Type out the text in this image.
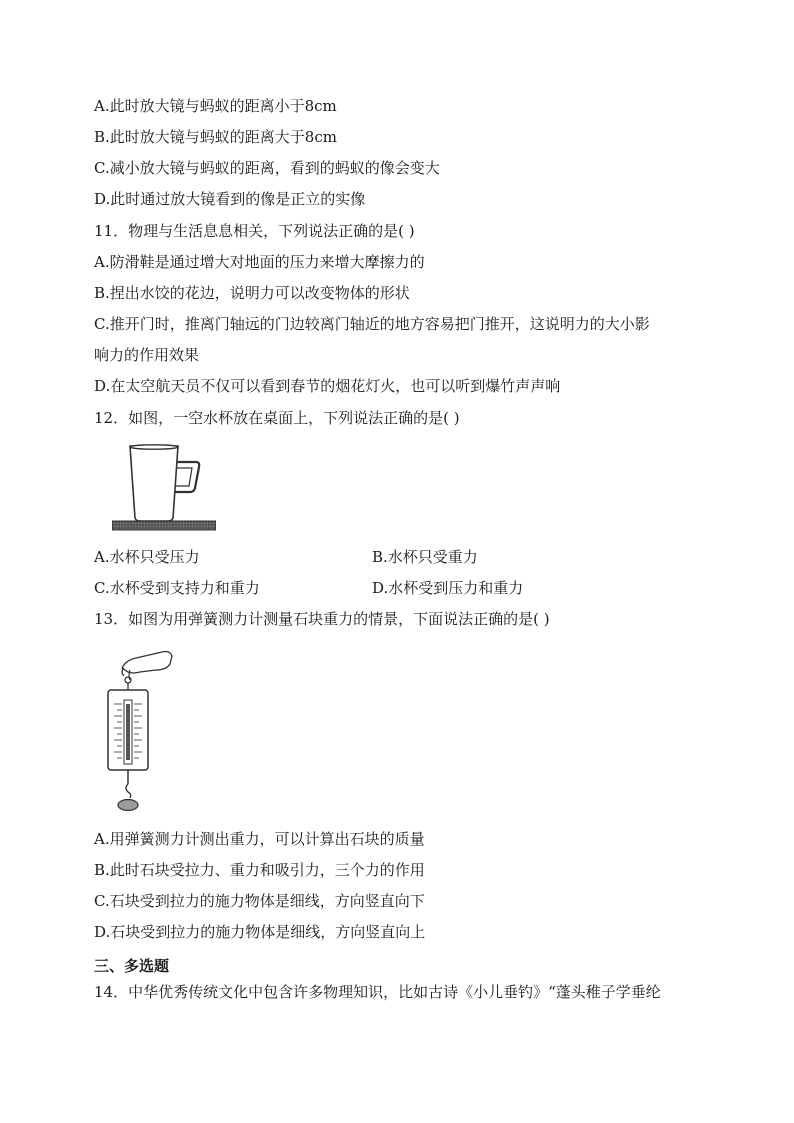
A.此时放大镜与蚂蚁的距离小于8cm
B.此时放大镜与蚂蚁的距离大于8cm
C.减小放大镜与蚂蚁的距离，看到的蚂蚁的像会变大
D.此时通过放大镜看到的像是正立的实像
11．物理与生活息息相关，下列说法正确的是( )
A.防滑鞋是通过增大对地面的压力来增大摩擦力的
B.捏出水饺的花边，说明力可以改变物体的形状
C.推开门时，推离门轴远的门边较离门轴近的地方容易把门推开，这说明力的大小影
响力的作用效果
D.在太空航天员不仅可以看到春节的烟花灯火，也可以听到爆竹声声响
12．如图，一空水杯放在桌面上，下列说法正确的是( )
A.水杯只受压力	B.水杯只受重力
C.水杯受到支持力和重力	D.水杯受到压力和重力
13．如图为用弹簧测力计测量石块重力的情景，下面说法正确的是( )
A.用弹簧测力计测出重力，可以计算出石块的质量
B.此时石块受拉力、重力和吸引力，三个力的作用
C.石块受到拉力的施力物体是细线，方向竖直向下
D.石块受到拉力的施力物体是细线，方向竖直向上
三、多选题
14．中华优秀传统文化中包含许多物理知识，比如古诗《小儿垂钓》“蓬头稚子学垂纶
